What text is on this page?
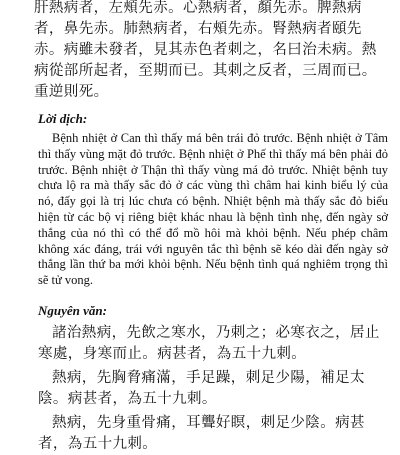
肝熱病者，左頰先赤。心熱病者，顏先赤。脾熱病者，鼻先赤。肺熱病者，右頰先赤。腎熱病者頤先赤。病雖未發者，見其赤色者刺之，名曰治未病。熱病從部所起者，至期而已。其刺之反者，三周而已。重逆則死。

Lời dịch:

Bệnh nhiệt ở Can thì thấy má bên trái đỏ trước. Bệnh nhiệt ở Tâm thì thấy vùng mặt đỏ trước. Bệnh nhiệt ở Phế thì thấy má bên phải đỏ trước. Bệnh nhiệt ở Thận thì thấy vùng má đỏ trước. Nhiệt bệnh tuy chưa lộ ra mà thấy sắc đỏ ở các vùng thì châm hai kinh biểu lý của nó, đấy gọi là trị lúc chưa có bệnh. Nhiệt bệnh mà thấy sắc đỏ biểu hiện từ các bộ vị riêng biệt khác nhau là bệnh tình nhẹ, đến ngày sở thắng của nó thì có thể đổ mồ hôi mà khỏi bệnh. Nếu phép châm không xác đáng, trái với nguyên tắc thì bệnh sẽ kéo dài đến ngày sở thắng lần thứ ba mới khỏi bệnh. Nếu bệnh tình quá nghiêm trọng thì sẽ tử vong.

Nguyên văn:

諸治熱病，先飲之寒水，乃刺之；必寒衣之，居止寒處，身寒而止。病甚者，為五十九刺。

熱病，先胸脅痛滿，手足躁，刺足少陽，補足太陰。病甚者，為五十九刺。

熱病，先身重骨痛，耳聾好瞑，刺足少陰。病甚者，為五十九刺。
